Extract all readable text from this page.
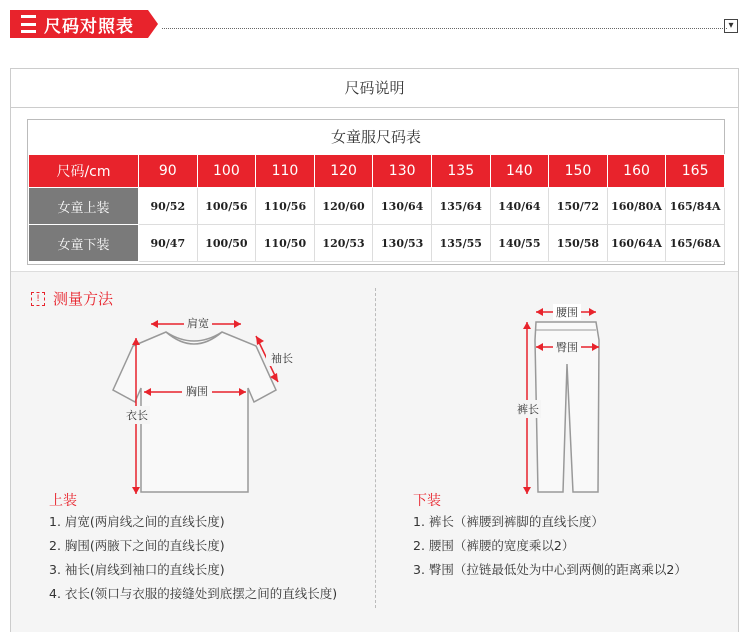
尺码对照表	▾
尺码说明
女童服尺码表
尺码/cm	90	100	110	120	130	135	140	150	160	165
女童上装	90/52	100/56	110/56	120/60	130/64	135/64	140/64	150/72	160/80A	165/84A
女童下装	90/47	100/50	110/50	120/53	130/53	135/55	140/55	150/58	160/64A	165/68A
! 测量方法
肩宽
袖长
胸围
衣长
腰围
臀围
裤长
上装
1. 肩宽(两肩线之间的直线长度)
2. 胸围(两腋下之间的直线长度)
3. 袖长(肩线到袖口的直线长度)
4. 衣长(领口与衣服的接缝处到底摆之间的直线长度)
下装
1. 裤长（裤腰到裤脚的直线长度）
2. 腰围（裤腰的宽度乘以2）
3. 臀围（拉链最低处为中心到两侧的距离乘以2）
